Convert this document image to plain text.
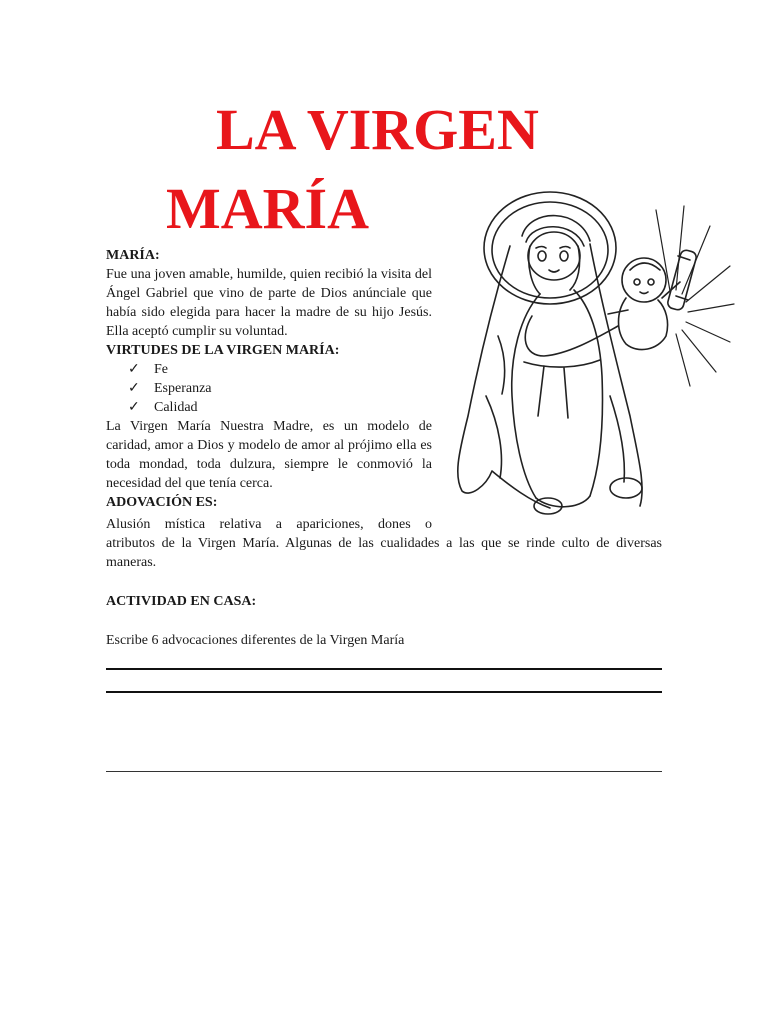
LA VIRGEN
MARÍA

MARÍA:

Fue una joven amable, humilde, quien recibió la visita del Ángel Gabriel que vino de parte de Dios anúnciale que había sido elegida para hacer la madre de su hijo Jesús. Ella aceptó cumplir su voluntad.

VIRTUDES DE LA VIRGEN MARÍA:

✓ Fe
✓ Esperanza
✓ Calidad

La Virgen María Nuestra Madre, es un modelo de caridad, amor a Dios y modelo de amor al prójimo ella es toda mondad, toda dulzura, siempre le conmovió la necesidad del que tenía cerca.

ADOVACIÓN ES:

Alusión mística relativa a apariciones, dones o

atributos de la Virgen María. Algunas de las cualidades a las que se rinde culto de diversas maneras.

ACTIVIDAD EN CASA:

Escribe 6 advocaciones diferentes de la Virgen María
